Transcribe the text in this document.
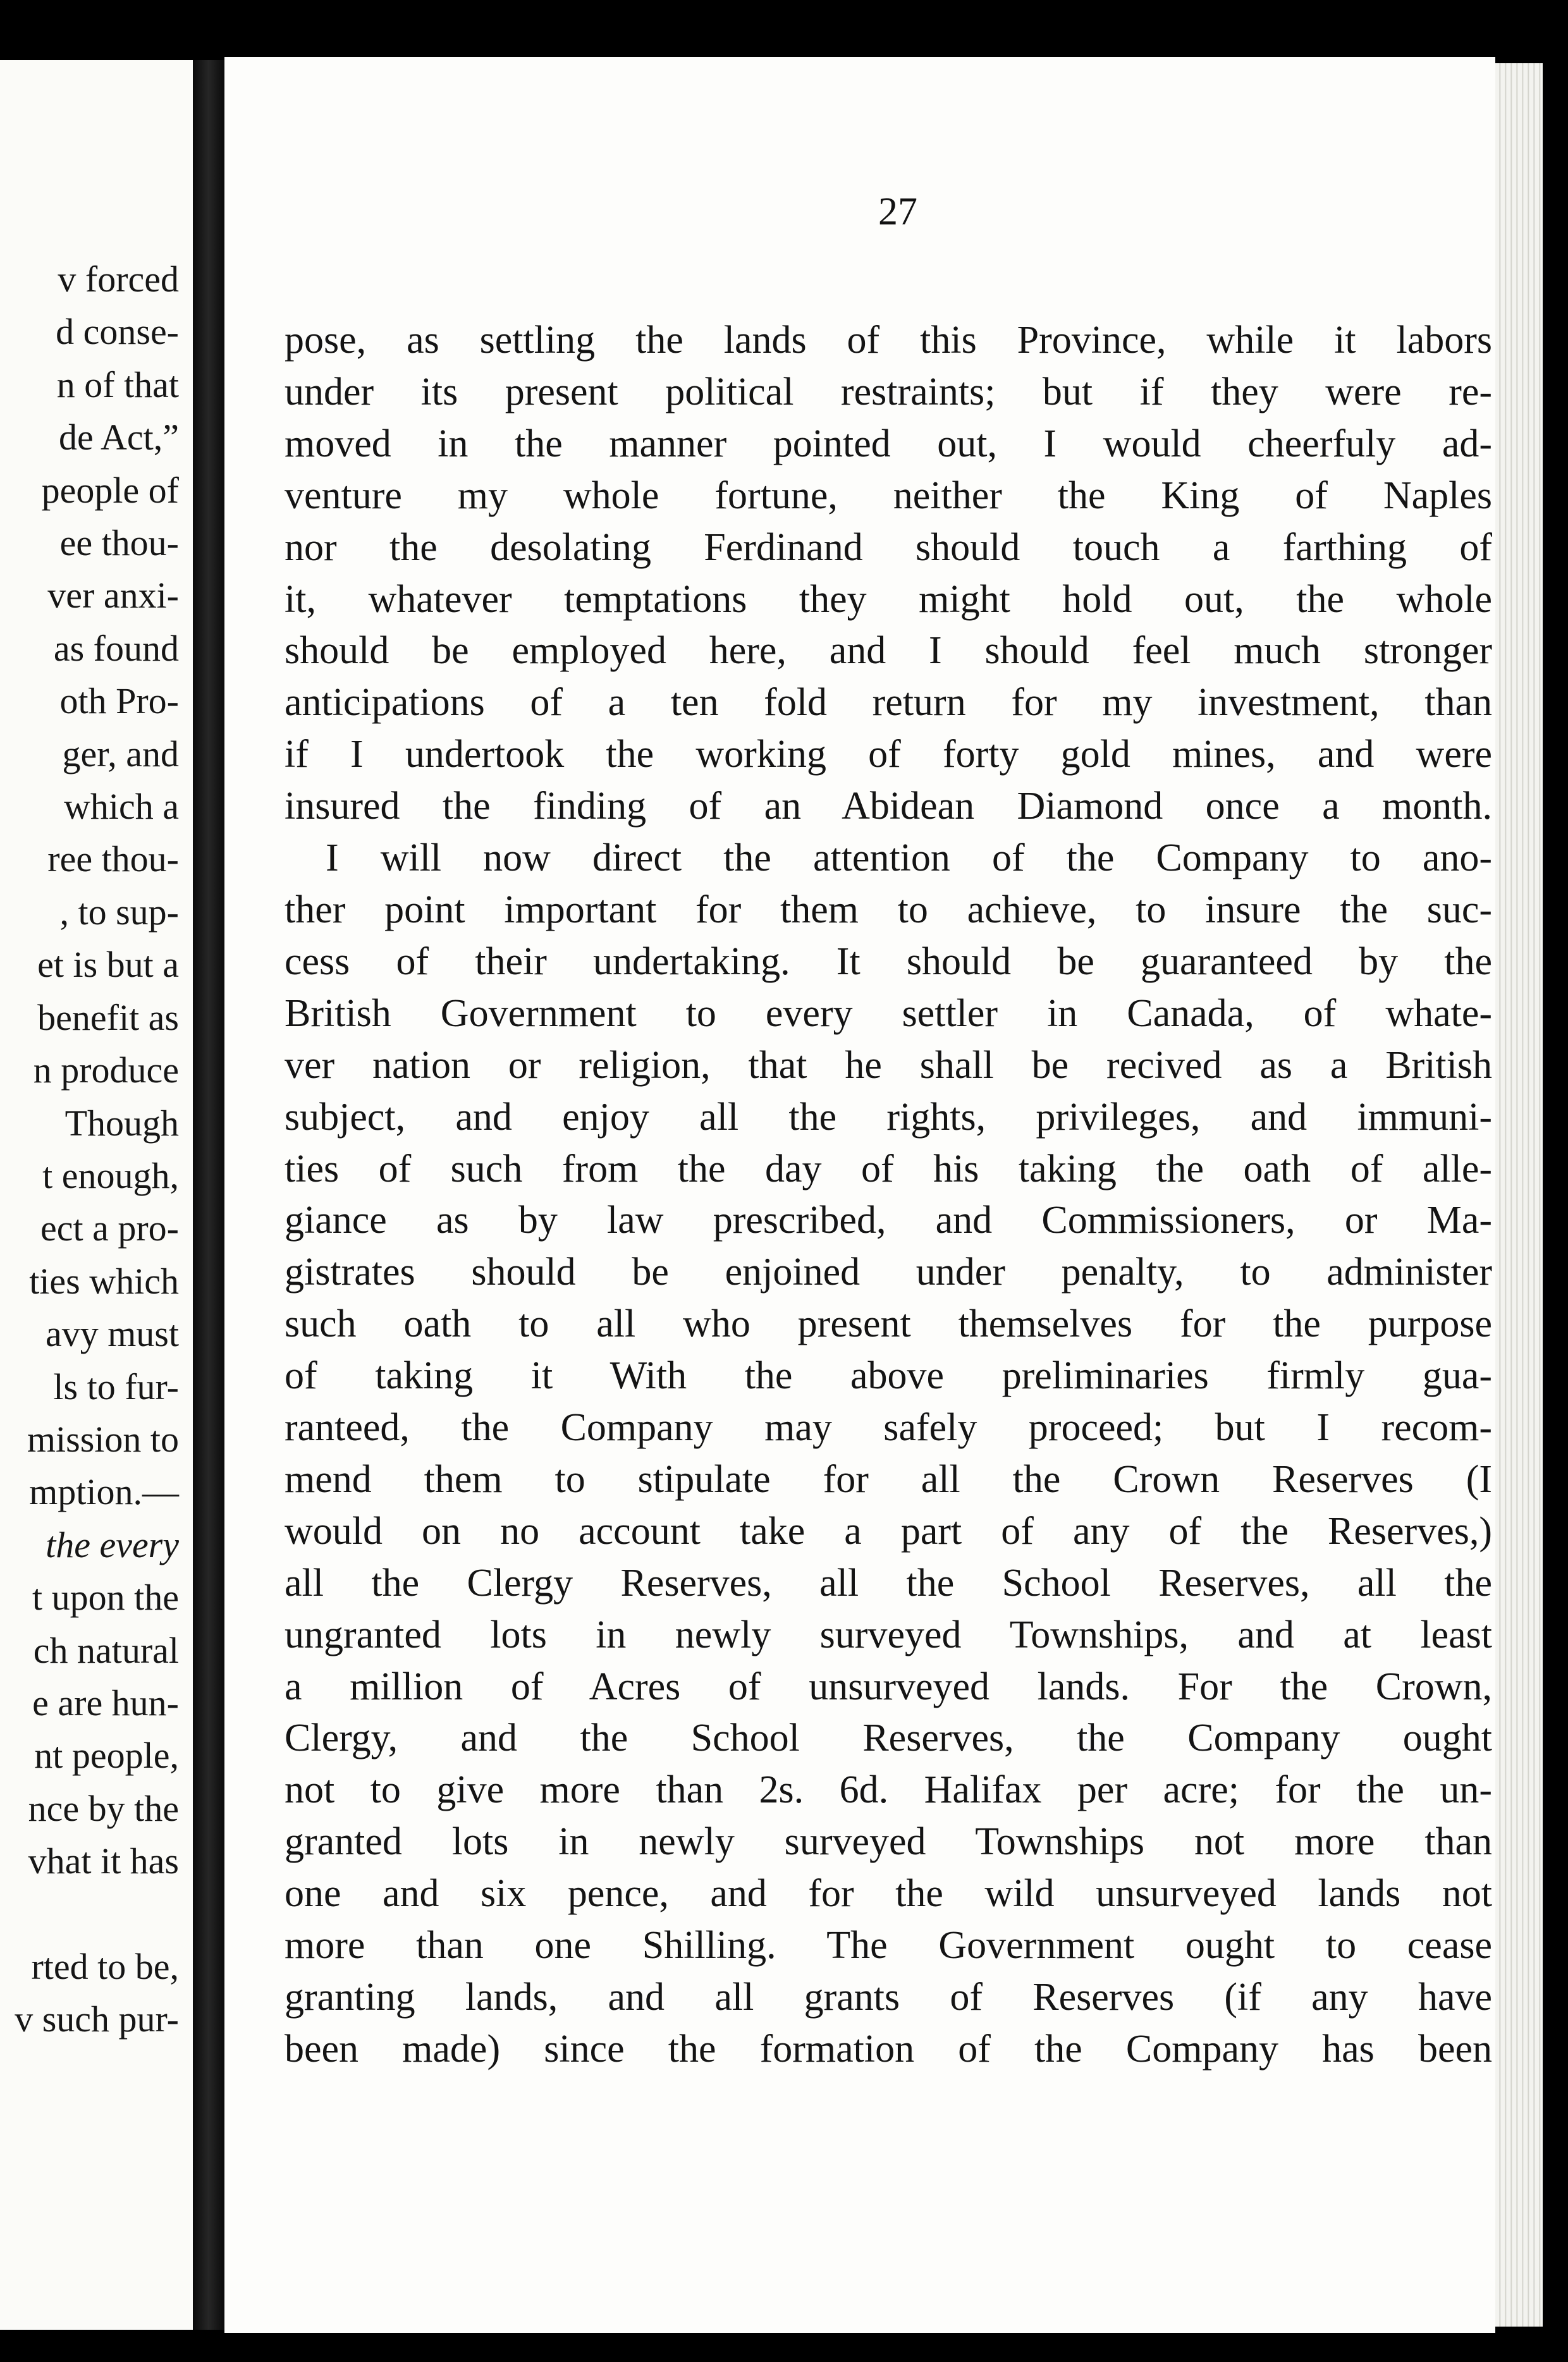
v forced
d conse-
n of that
de Act,”
people of
ee thou-
ver anxi-
as found
oth Pro-
ger, and
which a
ree thou-
, to sup-
et is but a
benefit as
n produce
Though
t enough,
ect a pro-
ties which
avy must
ls to fur-
mission to
mption.—
the every
t upon the
ch natural
e are hun-
nt people,
nce by the
vhat it has
rted to be,
v such pur-
27
pose, as settling the lands of this Province, while it labors
under its present political restraints; but if they were re-
moved in the manner pointed out, I would cheerfuly ad-
venture my whole fortune, neither the King of Naples
nor the desolating Ferdinand should touch a farthing of
it, whatever temptations they might hold out, the whole
should be employed here, and I should feel much stronger
anticipations of a ten fold return for my investment, than
if I undertook the working of forty gold mines, and were
insured the finding of an Abidean Diamond once a month.
I will now direct the attention of the Company to ano-
ther point important for them to achieve, to insure the suc-
cess of their undertaking. It should be guaranteed by the
British Government to every settler in Canada, of whate-
ver nation or religion, that he shall be recived as a British
subject, and enjoy all the rights, privileges, and immuni-
ties of such from the day of his taking the oath of alle-
giance as by law prescribed, and Commissioners, or Ma-
gistrates should be enjoined under penalty, to administer
such oath to all who present themselves for the purpose
of taking it With the above preliminaries firmly gua-
ranteed, the Company may safely proceed; but I recom-
mend them to stipulate for all the Crown Reserves (I
would on no account take a part of any of the Reserves,)
all the Clergy Reserves, all the School Reserves, all the
ungranted lots in newly surveyed Townships, and at least
a million of Acres of unsurveyed lands. For the Crown,
Clergy, and the School Reserves, the Company ought
not to give more than 2s. 6d. Halifax per acre; for the un-
granted lots in newly surveyed Townships not more than
one and six pence, and for the wild unsurveyed lands not
more than one Shilling. The Government ought to cease
granting lands, and all grants of Reserves (if any have
been made) since the formation of the Company has been
